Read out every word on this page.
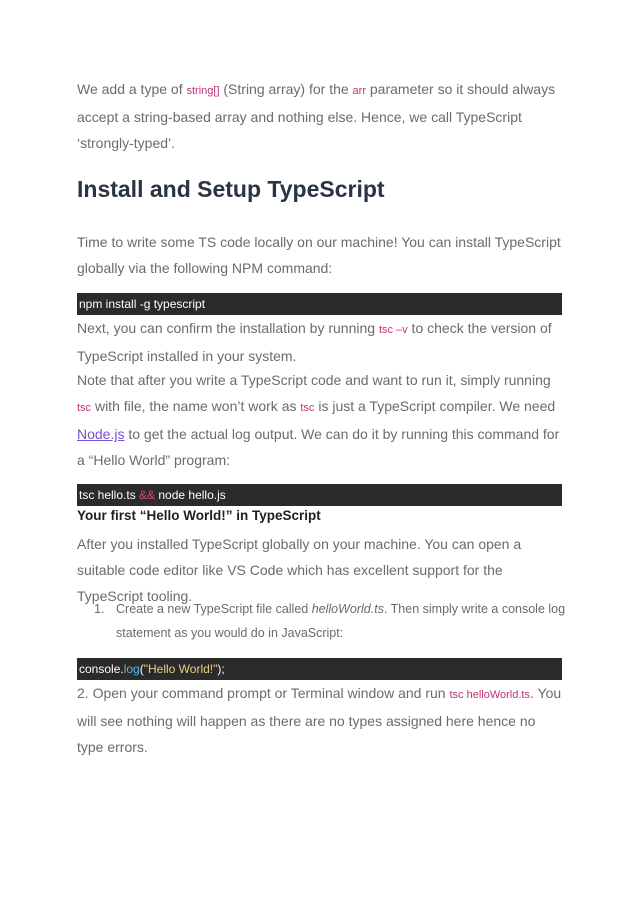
We add a type of string[] (String array) for the arr parameter so it should always accept a string-based array and nothing else. Hence, we call TypeScript ‘strongly-typed’.
Install and Setup TypeScript
Time to write some TS code locally on our machine! You can install TypeScript globally via the following NPM command:
npm install -g typescript
Next, you can confirm the installation by running tsc –v to check the version of TypeScript installed in your system.
Note that after you write a TypeScript code and want to run it, simply running tsc with file, the name won’t work as tsc is just a TypeScript compiler. We need Node.js to get the actual log output. We can do it by running this command for a “Hello World” program:
tsc hello.ts && node hello.js
Your first “Hello World!” in TypeScript
After you installed TypeScript globally on your machine. You can open a suitable code editor like VS Code which has excellent support for the TypeScript tooling.
1. Create a new TypeScript file called helloWorld.ts. Then simply write a console log statement as you would do in JavaScript:
console.log("Hello World!");
2. Open your command prompt or Terminal window and run tsc helloWorld.ts. You will see nothing will happen as there are no types assigned here hence no type errors.
